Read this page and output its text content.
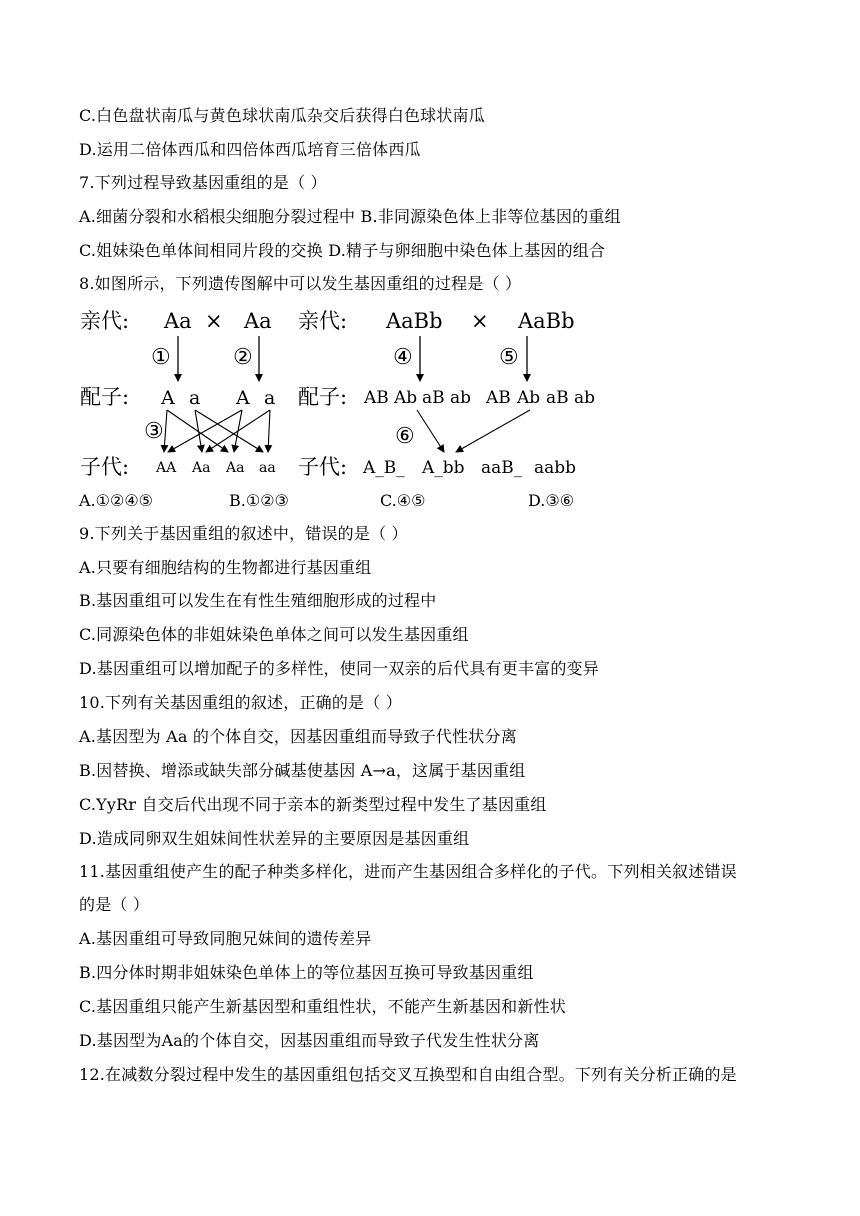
C.白色盘状南瓜与黄色球状南瓜杂交后获得白色球状南瓜
D.运用二倍体西瓜和四倍体西瓜培育三倍体西瓜
7.下列过程导致基因重组的是（ ）
A.细菌分裂和水稻根尖细胞分裂过程中 B.非同源染色体上非等位基因的重组
C.姐妹染色单体间相同片段的交换 D.精子与卵细胞中染色体上基因的组合
8.如图所示，下列遗传图解中可以发生基因重组的过程是（ ）
亲代: Aa × Aa
①	②
配子: A a A a
③
子代: AA Aa Aa aa
亲代: AaBb × AaBb
④	⑤
配子: AB Ab aB ab AB Ab aB ab
⑥
子代: A_B_ A_bb aaB_ aabb
A.①②④⑤	B.①②③	C.④⑤	D.③⑥
9.下列关于基因重组的叙述中，错误的是（ ）
A.只要有细胞结构的生物都进行基因重组
B.基因重组可以发生在有性生殖细胞形成的过程中
C.同源染色体的非姐妹染色单体之间可以发生基因重组
D.基因重组可以增加配子的多样性，使同一双亲的后代具有更丰富的变异
10.下列有关基因重组的叙述，正确的是（ ）
A.基因型为 Aa 的个体自交，因基因重组而导致子代性状分离
B.因替换、增添或缺失部分碱基使基因 A→a，这属于基因重组
C.YyRr 自交后代出现不同于亲本的新类型过程中发生了基因重组
D.造成同卵双生姐妹间性状差异的主要原因是基因重组
11.基因重组使产生的配子种类多样化，进而产生基因组合多样化的子代。下列相关叙述错误
的是（ ）
A.基因重组可导致同胞兄妹间的遗传差异
B.四分体时期非姐妹染色单体上的等位基因互换可导致基因重组
C.基因重组只能产生新基因型和重组性状，不能产生新基因和新性状
D.基因型为Aa的个体自交，因基因重组而导致子代发生性状分离
12.在减数分裂过程中发生的基因重组包括交叉互换型和自由组合型。下列有关分析正确的是
